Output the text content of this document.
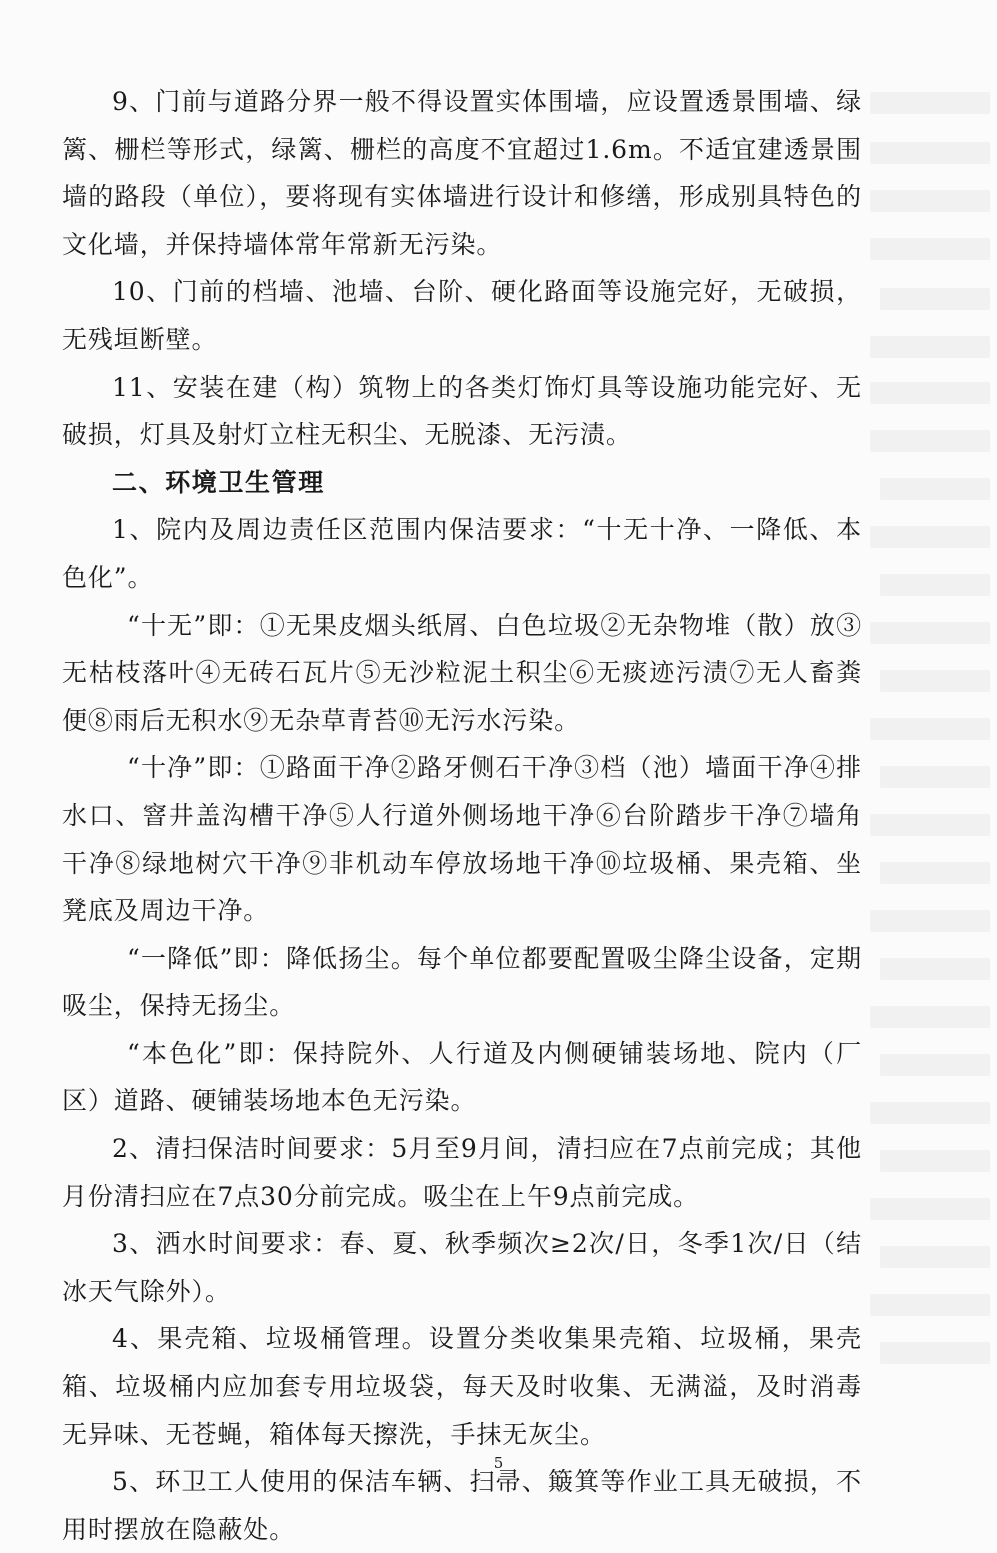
9、门前与道路分界一般不得设置实体围墙，应设置透景围墙、绿篱、栅栏等形式，绿篱、栅栏的高度不宜超过1.6m。不适宜建透景围墙的路段（单位），要将现有实体墙进行设计和修缮，形成别具特色的文化墙，并保持墙体常年常新无污染。

10、门前的档墙、池墙、台阶、硬化路面等设施完好，无破损，无残垣断壁。

11、安装在建（构）筑物上的各类灯饰灯具等设施功能完好、无破损，灯具及射灯立柱无积尘、无脱漆、无污渍。

二、环境卫生管理

1、院内及周边责任区范围内保洁要求：“十无十净、一降低、本色化”。

“十无”即：①无果皮烟头纸屑、白色垃圾②无杂物堆（散）放③无枯枝落叶④无砖石瓦片⑤无沙粒泥土积尘⑥无痰迹污渍⑦无人畜粪便⑧雨后无积水⑨无杂草青苔⑩无污水污染。

“十净”即：①路面干净②路牙侧石干净③档（池）墙面干净④排水口、窨井盖沟槽干净⑤人行道外侧场地干净⑥台阶踏步干净⑦墙角干净⑧绿地树穴干净⑨非机动车停放场地干净⑩垃圾桶、果壳箱、坐凳底及周边干净。

“一降低”即：降低扬尘。每个单位都要配置吸尘降尘设备，定期吸尘，保持无扬尘。

“本色化”即：保持院外、人行道及内侧硬铺装场地、院内（厂区）道路、硬铺装场地本色无污染。

2、清扫保洁时间要求：5月至9月间，清扫应在7点前完成；其他月份清扫应在7点30分前完成。吸尘在上午9点前完成。

3、洒水时间要求：春、夏、秋季频次≥2次/日，冬季1次/日（结冰天气除外）。

4、果壳箱、垃圾桶管理。设置分类收集果壳箱、垃圾桶，果壳箱、垃圾桶内应加套专用垃圾袋，每天及时收集、无满溢，及时消毒无异味、无苍蝇，箱体每天擦洗，手抹无灰尘。

5、环卫工人使用的保洁车辆、扫帚、簸箕等作业工具无破损，不用时摆放在隐蔽处。

5
